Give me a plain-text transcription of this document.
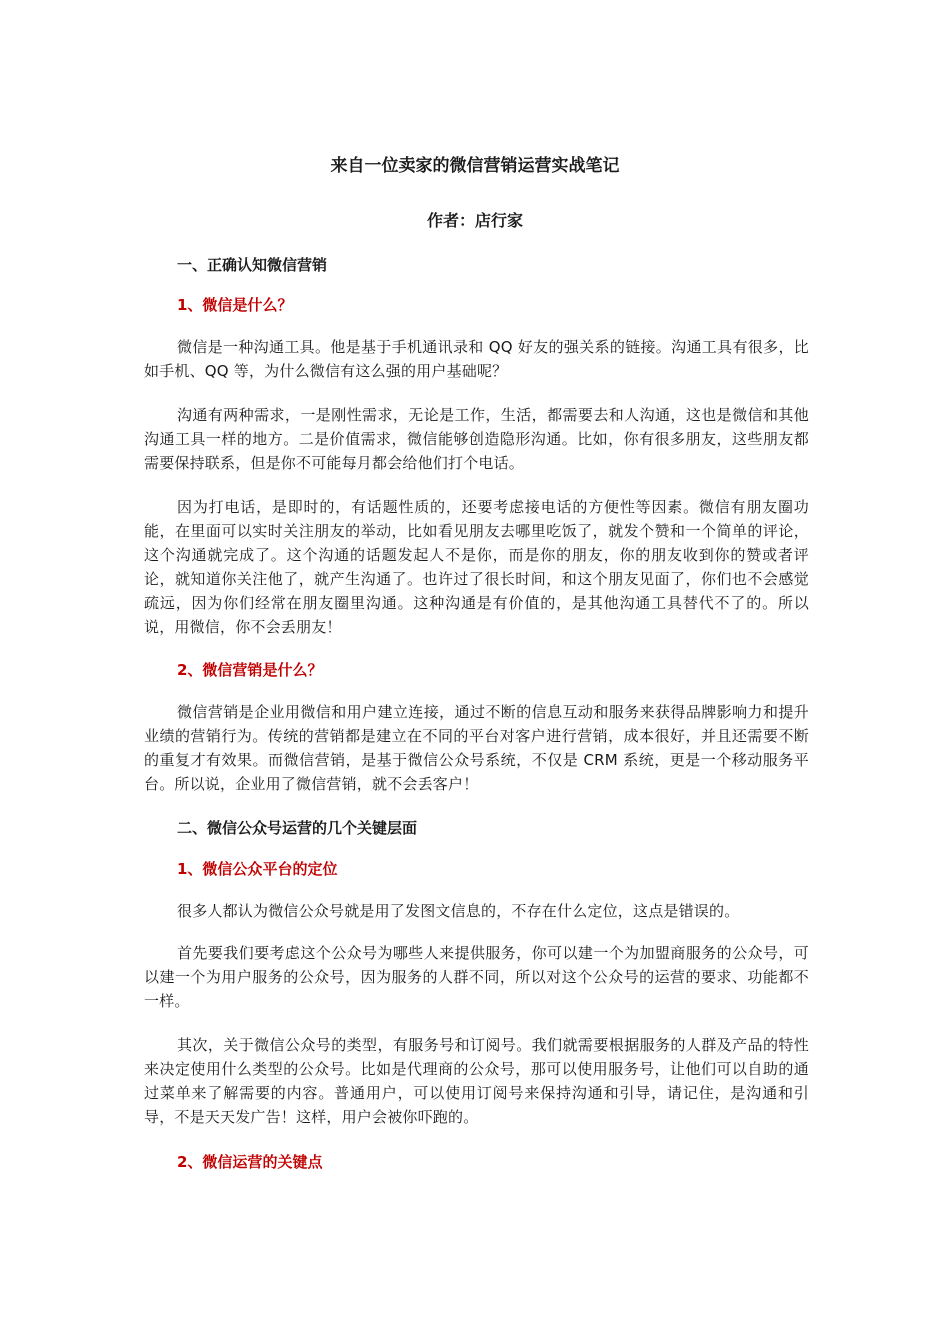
来自一位卖家的微信营销运营实战笔记
作者：店行家
一、正确认知微信营销
1、微信是什么？

微信是一种沟通工具。他是基于手机通讯录和 QQ 好友的强关系的链接。沟通工具有很多，比如手机、QQ 等，为什么微信有这么强的用户基础呢？

沟通有两种需求，一是刚性需求，无论是工作，生活，都需要去和人沟通，这也是微信和其他沟通工具一样的地方。二是价值需求，微信能够创造隐形沟通。比如，你有很多朋友，这些朋友都需要保持联系，但是你不可能每月都会给他们打个电话。

因为打电话，是即时的，有话题性质的，还要考虑接电话的方便性等因素。微信有朋友圈功能，在里面可以实时关注朋友的举动，比如看见朋友去哪里吃饭了，就发个赞和一个简单的评论，这个沟通就完成了。这个沟通的话题发起人不是你，而是你的朋友，你的朋友收到你的赞或者评论，就知道你关注他了，就产生沟通了。也许过了很长时间，和这个朋友见面了，你们也不会感觉疏远，因为你们经常在朋友圈里沟通。这种沟通是有价值的，是其他沟通工具替代不了的。所以说，用微信，你不会丢朋友！

2、微信营销是什么？

微信营销是企业用微信和用户建立连接，通过不断的信息互动和服务来获得品牌影响力和提升业绩的营销行为。传统的营销都是建立在不同的平台对客户进行营销，成本很好，并且还需要不断的重复才有效果。而微信营销，是基于微信公众号系统，不仅是 CRM 系统，更是一个移动服务平台。所以说，企业用了微信营销，就不会丢客户！

二、微信公众号运营的几个关键层面
1、微信公众平台的定位

很多人都认为微信公众号就是用了发图文信息的，不存在什么定位，这点是错误的。

首先要我们要考虑这个公众号为哪些人来提供服务，你可以建一个为加盟商服务的公众号，可以建一个为用户服务的公众号，因为服务的人群不同，所以对这个公众号的运营的要求、功能都不一样。

其次，关于微信公众号的类型，有服务号和订阅号。我们就需要根据服务的人群及产品的特性来决定使用什么类型的公众号。比如是代理商的公众号，那可以使用服务号，让他们可以自助的通过菜单来了解需要的内容。普通用户，可以使用订阅号来保持沟通和引导，请记住，是沟通和引导，不是天天发广告！这样，用户会被你吓跑的。

2、微信运营的关键点
